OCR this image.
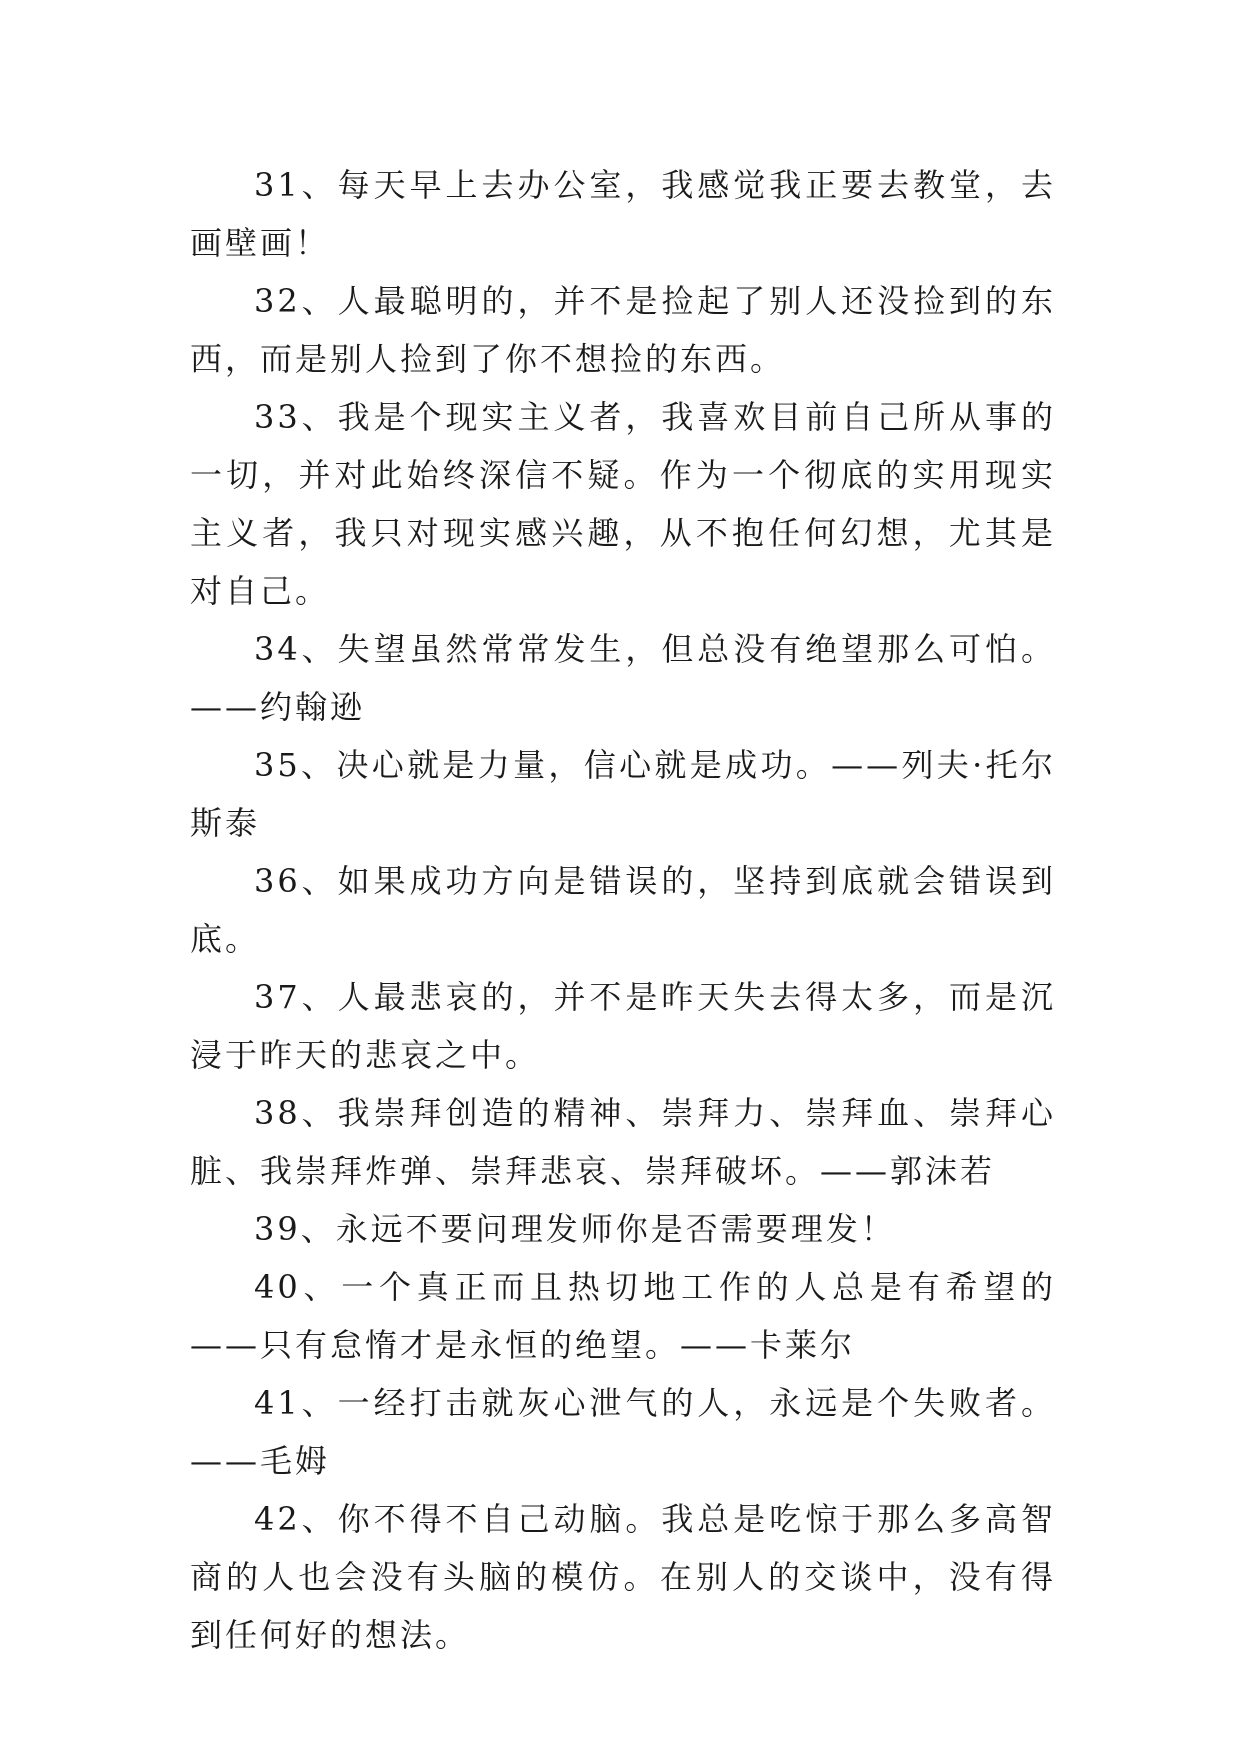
31、每天早上去办公室，我感觉我正要去教堂，去画壁画！

32、人最聪明的，并不是捡起了别人还没捡到的东西，而是别人捡到了你不想捡的东西。

33、我是个现实主义者，我喜欢目前自己所从事的一切，并对此始终深信不疑。作为一个彻底的实用现实主义者，我只对现实感兴趣，从不抱任何幻想，尤其是对自己。

34、失望虽然常常发生，但总没有绝望那么可怕。——约翰逊

35、决心就是力量，信心就是成功。——列夫·托尔斯泰

36、如果成功方向是错误的，坚持到底就会错误到底。

37、人最悲哀的，并不是昨天失去得太多，而是沉浸于昨天的悲哀之中。

38、我崇拜创造的精神、崇拜力、崇拜血、崇拜心脏、我崇拜炸弹、崇拜悲哀、崇拜破坏。——郭沫若

39、永远不要问理发师你是否需要理发！

40、一个真正而且热切地工作的人总是有希望的——只有怠惰才是永恒的绝望。——卡莱尔

41、一经打击就灰心泄气的人，永远是个失败者。——毛姆

42、你不得不自己动脑。我总是吃惊于那么多高智商的人也会没有头脑的模仿。在别人的交谈中，没有得到任何好的想法。
